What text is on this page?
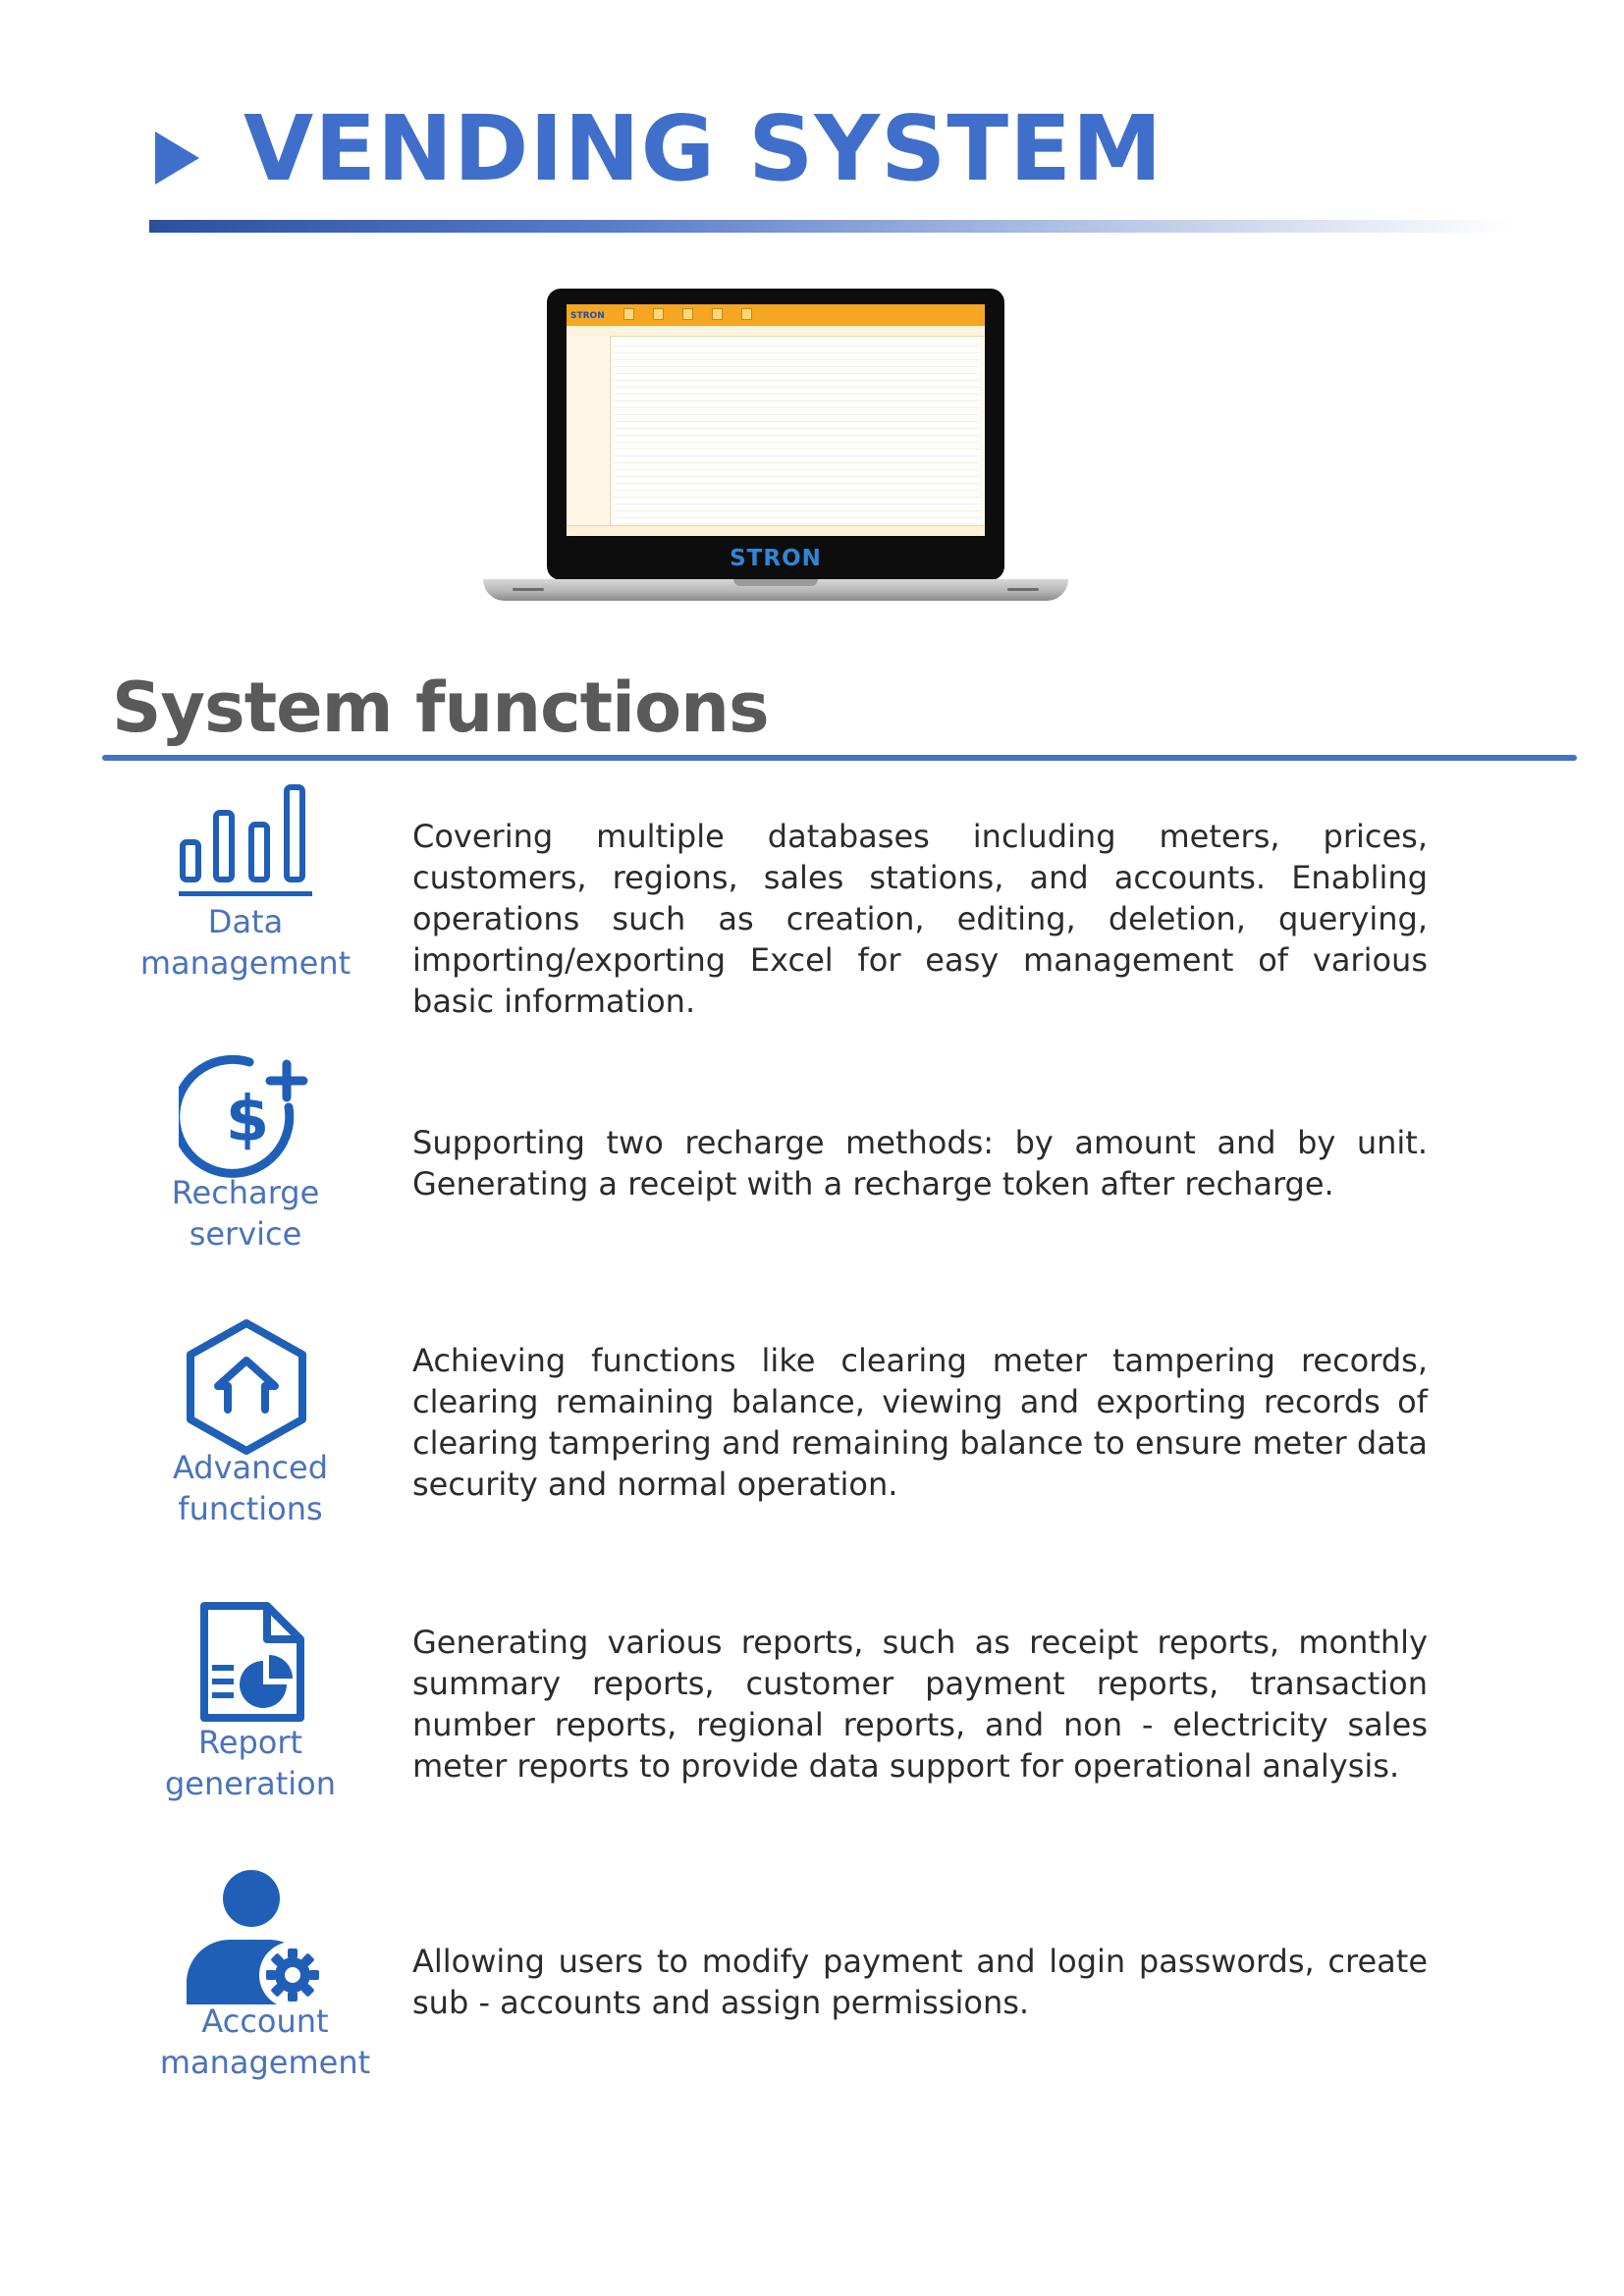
VENDING SYSTEM
STRON
STRON
System functions
Data
management
Covering multiple databases including meters, prices, customers, regions, sales stations, and accounts. Enabling operations such as creation, editing, deletion, querying, importing/exporting Excel for easy management of various basic information.
$
Recharge
service
Supporting two recharge methods: by amount and by unit. Generating a receipt with a recharge token after recharge.
Advanced
functions
Achieving functions like clearing meter tampering records, clearing remaining balance, viewing and exporting records of clearing tampering and remaining balance to ensure meter data security and normal operation.
Report
generation
Generating various reports, such as receipt reports, monthly summary reports, customer payment reports, transaction number reports, regional reports, and non - electricity sales meter reports to provide data support for operational analysis.
Account
management
Allowing users to modify payment and login passwords, create sub - accounts and assign permissions.
